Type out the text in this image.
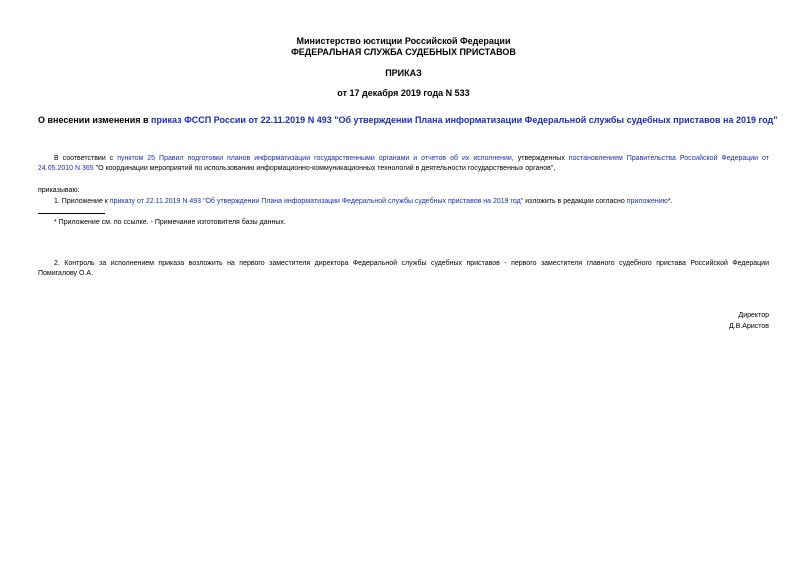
Министерство юстиции Российской Федерации
ФЕДЕРАЛЬНАЯ СЛУЖБА СУДЕБНЫХ ПРИСТАВОВ
ПРИКАЗ
от 17 декабря 2019 года N 533
О внесении изменения в приказ ФССП России от 22.11.2019 N 493 "Об утверждении Плана информатизации Федеральной службы судебных приставов на 2019 год"
В соответствии с пунктом 25 Правил подготовки планов информатизации государственными органами и отчетов об их исполнении, утвержденных постановлением Правительства Российской Федерации от
24.05.2010 N 365 "О координации мероприятий по использованию информационно-коммуникационных технологий в деятельности государственных органов",
приказываю:
1. Приложение к приказу от 22.11.2019 N 493 "Об утверждении Плана информатизации Федеральной службы судебных приставов на 2019 год" изложить в редакции согласно приложению*.
* Приложение см. по ссылке. - Примечание изготовителя базы данных.
2. Контроль за исполнением приказа возложить на первого заместителя директора Федеральной службы судебных приставов - первого заместителя главного судебного пристава Российской Федерации
Помигалову О.А.
Директор
Д.В.Аристов
